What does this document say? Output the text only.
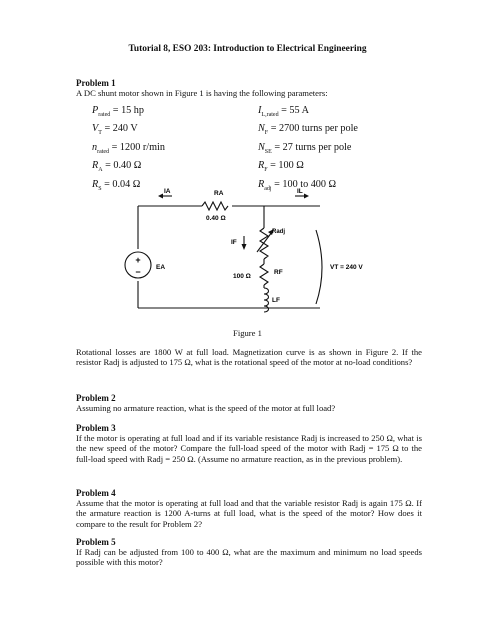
Tutorial 8, ESO 203: Introduction to Electrical Engineering
Problem 1
A DC shunt motor shown in Figure 1 is having the following parameters:
$P_{rated} = 15$ hp
$V_T = 240$ V
$n_{rated} = 1200$ r/min
$R_A = 0.40$ Ω
$R_S = 0.04$ Ω
$I_{L,rated} = 55$ A
$N_F = 2700$ turns per pole
$N_{SE} = 27$ turns per pole
$R_F = 100$ Ω
$R_{adj} = 100$ to 400 Ω
+
− EA
IA	RA
0.40 Ω
IL
IF
Radj
100 Ω
RF
LF
VT = 240 V
Figure 1
Rotational losses are 1800 W at full load. Magnetization curve is as shown in Figure 2. If the resistor Radj is adjusted to 175 Ω, what is the rotational speed of the motor at no-load conditions?
Problem 2
Assuming no armature reaction, what is the speed of the motor at full load?
Problem 3
If the motor is operating at full load and if its variable resistance Radj is increased to 250 Ω, what is the new speed of the motor? Compare the full-load speed of the motor with Radj = 175 Ω to the full-load speed with Radj = 250 Ω. (Assume no armature reaction, as in the previous problem).
Problem 4
Assume that the motor is operating at full load and that the variable resistor Radj is again 175 Ω. If the armature reaction is 1200 A-turns at full load, what is the speed of the motor? How does it compare to the result for Problem 2?
Problem 5
If Radj can be adjusted from 100 to 400 Ω, what are the maximum and minimum no load speeds possible with this motor?
